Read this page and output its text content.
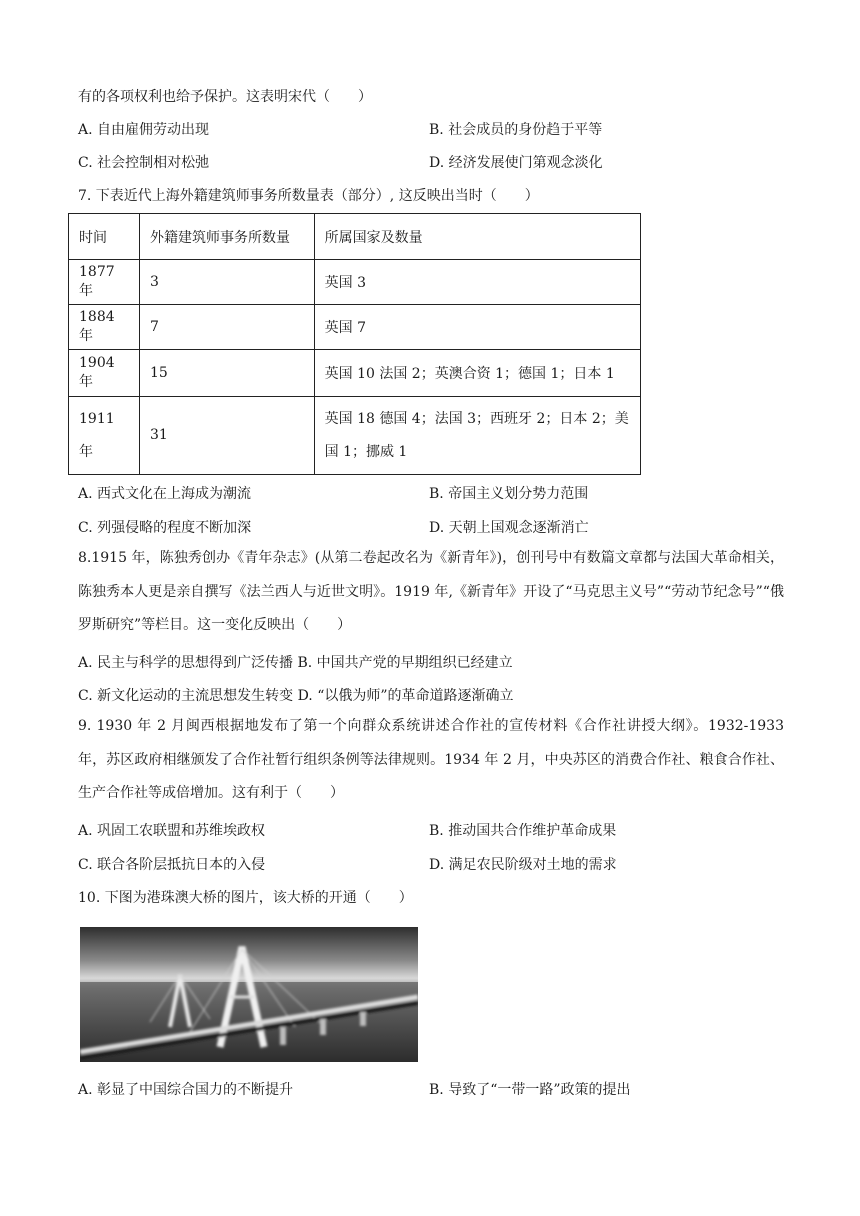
有的各项权利也给予保护。这表明宋代（　　）
A. 自由雇佣劳动出现	B. 社会成员的身份趋于平等
C. 社会控制相对松弛	D. 经济发展使门第观念淡化
7. 下表近代上海外籍建筑师事务所数量表（部分）, 这反映出当时（　　）
时间	外籍建筑师事务所数量	所属国家及数量
1877 年	3	英国 3
1884 年	7	英国 7
1904 年	15	英国 10 法国 2；英澳合资 1；德国 1；日本 1
1911 年	31	英国 18 德国 4；法国 3；西班牙 2；日本 2；美国 1；挪威 1
A. 西式文化在上海成为潮流	B. 帝国主义划分势力范围
C. 列强侵略的程度不断加深	D. 天朝上国观念逐渐消亡
8.1915 年，陈独秀创办《青年杂志》(从第二卷起改名为《新青年》)，创刊号中有数篇文章都与法国大革命相关，陈独秀本人更是亲自撰写《法兰西人与近世文明》。1919 年,《新青年》开设了“马克思主义号”“劳动节纪念号”“俄罗斯研究”等栏目。这一变化反映出（　　）
A. 民主与科学的思想得到广泛传播 B. 中国共产党的早期组织已经建立
C. 新文化运动的主流思想发生转变 D. “以俄为师”的革命道路逐渐确立
9. 1930 年 2 月闽西根据地发布了第一个向群众系统讲述合作社的宣传材料《合作社讲授大纲》。1932-1933 年，苏区政府相继颁发了合作社暂行组织条例等法律规则。1934 年 2 月，中央苏区的消费合作社、粮食合作社、生产合作社等成倍增加。这有利于（　　）
A. 巩固工农联盟和苏维埃政权	B. 推动国共合作维护革命成果
C. 联合各阶层抵抗日本的入侵	D. 满足农民阶级对土地的需求
10. 下图为港珠澳大桥的图片，该大桥的开通（　　）
A. 彰显了中国综合国力的不断提升	B. 导致了“一带一路”政策的提出
